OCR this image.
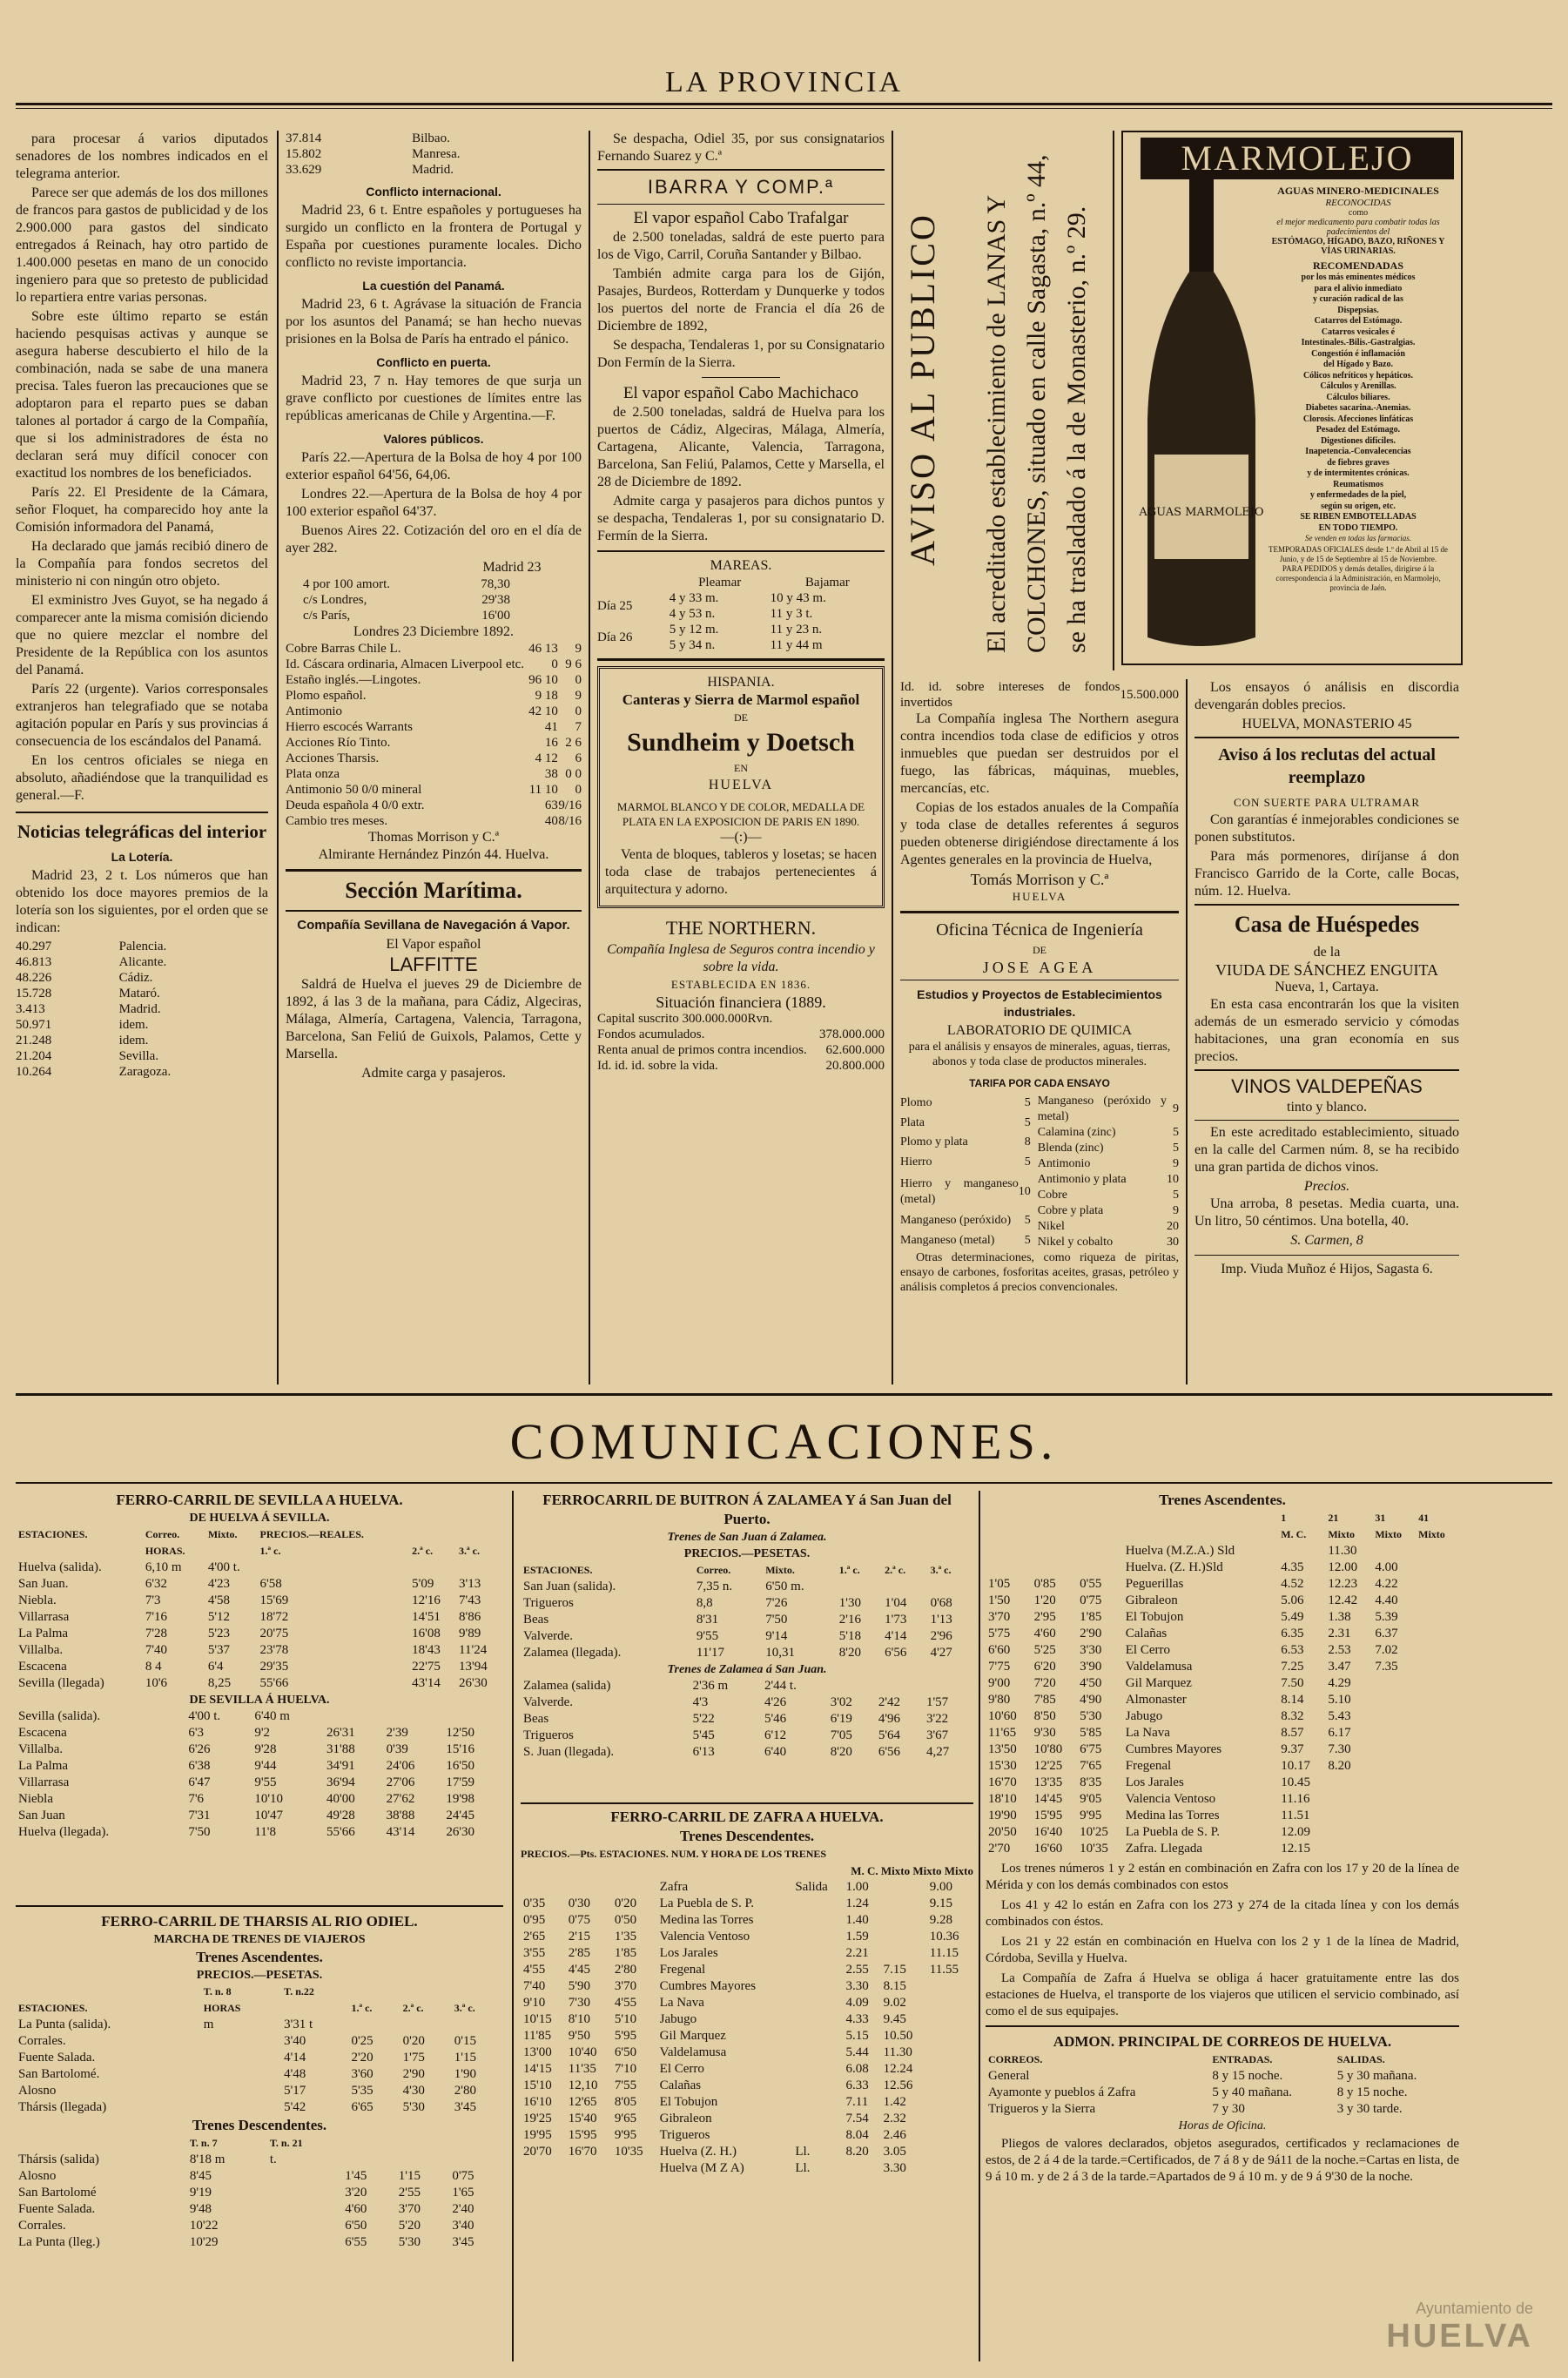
LA PROVINCIA

para procesar á varios diputados senadores de los nombres indicados en el telegrama anterior.

Parece ser que además de los dos millones de francos para gastos de publicidad y de los 2.900.000 para gastos del sindicato entregados á Reinach, hay otro partido de 1.400.000 pesetas en mano de un conocido ingeniero para que so pretesto de publicidad lo repartiera entre varias personas.

Sobre este último reparto se están haciendo pesquisas activas y aunque se asegura haberse descubierto el hilo de la combinación, nada se sabe de una manera precisa. Tales fueron las precauciones que se adoptaron para el reparto pues se daban talones al portador á cargo de la Compañía, que si los administradores de ésta no declaran será muy difícil conocer con exactitud los nombres de los beneficiados.

París 22. El Presidente de la Cámara, señor Floquet, ha comparecido hoy ante la Comisión informadora del Panamá,

Ha declarado que jamás recibió dinero de la Compañía para fondos secretos del ministerio ni con ningún otro objeto.

El exministro Jves Guyot, se ha negado á comparecer ante la misma comisión diciendo que no quiere mezclar el nombre del Presidente de la República con los asuntos del Panamá.

París 22 (urgente). Varios corresponsales extranjeros han telegrafiado que se notaba agitación popular en París y sus provincias á consecuencia de los escándalos del Panamá.

En los centros oficiales se niega en absoluto, añadiéndose que la tranquilidad es general.—F.

Noticias telegráficas del interior
La Lotería.

Madrid 23, 2 t. Los números que han obtenido los doce mayores premios de la lotería son los siguientes, por el orden que se indican:

40.297	Palencia.
46.813	Alicante.
48.226	Cádiz.
15.728	Mataró.
3.413	Madrid.
50.971	idem.
21.248	idem.
21.204	Sevilla.
10.264	Zaragoza.
37.814	Bilbao.
15.802	Manresa.
33.629	Madrid.
Conflicto internacional.

Madrid 23, 6 t. Entre españoles y portugueses ha surgido un conflicto en la frontera de Portugal y España por cuestiones puramente locales. Dicho conflicto no reviste importancia.

La cuestión del Panamá.

Madrid 23, 6 t. Agrávase la situación de Francia por los asuntos del Panamá; se han hecho nuevas prisiones en la Bolsa de París ha entrado el pánico.

Conflicto en puerta.

Madrid 23, 7 n. Hay temores de que surja un grave conflicto por cuestiones de límites entre las repúblicas americanas de Chile y Argentina.—F.

Valores públicos.

París 22.—Apertura de la Bolsa de hoy 4 por 100 exterior español 64'56, 64,06.

Londres 22.—Apertura de la Bolsa de hoy 4 por 100 exterior español 64'37.

Buenos Aires 22. Cotización del oro en el día de ayer 282.

Madrid 23
4 por 100 amort.	78,30
c/s Londres,	29'38
c/s París,	16'00
Londres 23 Diciembre 1892.
Cobre Barras Chile L.	46 13	9
Id. Cáscara ordinaria, Almacen Liverpool etc.	0	9 6
Estaño inglés.—Lingotes.	96 10	0
Plomo español.	9 18	9
Antimonio	42 10	0
Hierro escocés Warrants	41	7
Acciones Río Tinto.	16	2 6
Acciones Tharsis.	4 12	6
Plata onza	38	0 0
Antimonio 50 0/0 mineral	11 10	0
Deuda española 4 0/0 extr.	63	9/16
Cambio tres meses.	40	8/16
Thomas Morrison y C.ª
Almirante Hernández Pinzón 44. Huelva.
Sección Marítima.
Compañía Sevillana de Navegación á Vapor.
El Vapor español
LAFFITTE

Saldrá de Huelva el jueves 29 de Diciembre de 1892, á las 3 de la mañana, para Cádiz, Algeciras, Málaga, Almería, Cartagena, Valencia, Tarragona, Barcelona, San Feliú de Guixols, Palamos, Cette y Marsella.

Admite carga y pasajeros.

Se despacha, Odiel 35, por sus consignatarios Fernando Suarez y C.ª

IBARRA Y COMP.ª
El vapor español Cabo Trafalgar

de 2.500 toneladas, saldrá de este puerto para los de Vigo, Carril, Coruña Santander y Bilbao.

También admite carga para los de Gijón, Pasajes, Burdeos, Rotterdam y Dunquerke y todos los puertos del norte de Francia el día 26 de Diciembre de 1892,

Se despacha, Tendaleras 1, por su Consignatario Don Fermín de la Sierra.

El vapor español Cabo Machichaco

de 2.500 toneladas, saldrá de Huelva para los puertos de Cádiz, Algeciras, Málaga, Almería, Cartagena, Alicante, Valencia, Tarragona, Barcelona, San Feliú, Palamos, Cette y Marsella, el 28 de Diciembre de 1892.

Admite carga y pasajeros para dichos puntos y se despacha, Tendaleras 1, por su consignatario D. Fermín de la Sierra.

MAREAS.
	Pleamar	Bajamar
Día 25	4 y 33 m.	10 y 43 m.
	4 y 53 n.	11 y 3 t.
Día 26	5 y 12 m.	11 y 23 n.
	5 y 34 n.	11 y 44 m
HISPANIA.
Canteras y Sierra de Marmol español
DE
Sundheim y Doetsch
EN
HUELVA
MARMOL BLANCO Y DE COLOR, MEDALLA DE PLATA EN LA EXPOSICION DE PARIS EN 1890.
—(:)—

Venta de bloques, tableros y losetas; se hacen toda clase de trabajos pertenecientes á arquitectura y adorno.

THE NORTHERN.
Compañía Inglesa de Seguros contra incendio y sobre la vida.
ESTABLECIDA EN 1836.
Situación financiera (1889.
Capital suscrito 300.000.000Rvn.	
Fondos acumulados.	378.000.000
Renta anual de primos contra incendios.	62.600.000
Id. id. id. sobre la vida.	20.800.000
AVISO AL PUBLICO El acreditado establecimiento de LANAS Y COLCHONES, situado en calle Sagasta, n.º 44, se ha trasladado á la de Monasterio, n.º 29.	AGUAS MARMOLEJO
MARMOLEJO
AGUAS MINERO-MEDICINALES
RECONOCIDAS
como
el mejor medicamento para combatir todas las padecimientos del
ESTÓMAGO, HÍGADO, BAZO, RIÑONES Y VÍAS URINARIAS.
RECOMENDADAS
por los más eminentes médicos
para el alivio inmediato
y curación radical de las
Dispepsias.
Catarros del Estómago.
Catarros vesicales é
Intestinales.-Bilis.-Gastralgias.
Congestión é inflamación
del Hígado y Bazo.
Cólicos nefríticos y hepáticos.
Cálculos y Arenillas.
Cálculos biliares.
Diabetes sacarina.-Anemias.
Clorosis. Afecciones linfáticas
Pesadez del Estómago.
Digestiones difíciles.
Inapetencia.-Convalecencias
de fiebres graves
y de intermitentes crónicas.
Reumatismos
y enfermedades de la piel,
según su origen, etc.
SE RIBEN EMBOTELLADAS
EN TODO TIEMPO.
Se venden en todas las farmacias.
TEMPORADAS OFICIALES desde 1.º de Abril al 15 de Junio, y de 15 de Septiembre al 15 de Noviembre.
PARA PEDIDOS y demás detalles, dirigirse á la correspondencia á la Administración, en Marmolejo, provincia de Jaén.
Id. id. sobre intereses de fondos invertidos	15.500.000

La Compañía inglesa The Northern asegura contra incendios toda clase de edificios y otros inmuebles que puedan ser destruidos por el fuego, las fábricas, máquinas, muebles, mercancías, etc.

Copias de los estados anuales de la Compañía y toda clase de detalles referentes á seguros pueden obtenerse dirigiéndose directamente á los Agentes generales en la provincia de Huelva,

Tomás Morrison y C.ª
HUELVA
Oficina Técnica de Ingeniería
DE
JOSE AGEA
Estudios y Proyectos de Establecimientos industriales.
LABORATORIO DE QUIMICA
para el análisis y ensayos de minerales, aguas, tierras, abonos y toda clase de productos minerales.
TARIFA POR CADA ENSAYO
Plomo	5
Plata	5
Plomo y plata	8
Hierro	5
Hierro y manganeso (metal)	10
Manganeso (peróxido)	5
Manganeso (metal)	5
Manganeso (peróxido y metal)	9
Calamina (zinc)	5
Blenda (zinc)	5
Antimonio	9
Antimonio y plata	10
Cobre	5
Cobre y plata	9
Nikel	20
Nikel y cobalto	30

Otras determinaciones, como riqueza de piritas, ensayo de carbones, fosforitas aceites, grasas, petróleo y análisis completos á precios convencionales.

Los ensayos ó análisis en discordia devengarán dobles precios.

HUELVA, MONASTERIO 45
Aviso á los reclutas del actual reemplazo
CON SUERTE PARA ULTRAMAR

Con garantías é inmejorables condiciones se ponen substitutos.

Para más pormenores, diríjanse á don Francisco Garrido de la Corte, calle Bocas, núm. 12. Huelva.

Casa de Huéspedes
de la
VIUDA DE SÁNCHEZ ENGUITA
Nueva, 1, Cartaya.

En esta casa encontrarán los que la visiten además de un esmerado servicio y cómodas habitaciones, una gran economía en sus precios.

VINOS VALDEPEÑAS
tinto y blanco.

En este acreditado establecimiento, situado en la calle del Carmen núm. 8, se ha recibido una gran partida de dichos vinos.

Precios.

Una arroba, 8 pesetas. Media cuarta, una. Un litro, 50 céntimos. Una botella, 40.

S. Carmen, 8
Imp. Viuda Muñoz é Hijos, Sagasta 6.
COMUNICACIONES.
FERRO-CARRIL DE SEVILLA A HUELVA.
DE HUELVA Á SEVILLA.
ESTACIONES.	Correo.	Mixto.	PRECIOS.—REALES.		
	HORAS.		1.ª c.	2.ª c.	3.ª c.
Huelva (salida).	6,10 m	4'00 t.			
San Juan.	6'32	4'23	6'58	5'09	3'13
Niebla.	7'3	4'58	15'69	12'16	7'43
Villarrasa	7'16	5'12	18'72	14'51	8'86
La Palma	7'28	5'23	20'75	16'08	9'89
Villalba.	7'40	5'37	23'78	18'43	11'24
Escacena	8 4	6'4	29'35	22'75	13'94
Sevilla (llegada)	10'6	8,25	55'66	43'14	26'30
DE SEVILLA Á HUELVA.
Sevilla (salida).	4'00 t.	6'40 m			
Escacena	6'3	9'2	26'31	2'39	12'50
Villalba.	6'26	9'28	31'88	0'39	15'16
La Palma	6'38	9'44	34'91	24'06	16'50
Villarrasa	6'47	9'55	36'94	27'06	17'59
Niebla	7'6	10'10	40'00	27'62	19'98
San Juan	7'31	10'47	49'28	38'88	24'45
Huelva (llegada).	7'50	11'8	55'66	43'14	26'30
FERRO-CARRIL DE THARSIS AL RIO ODIEL.
MARCHA DE TRENES DE VIAJEROS
Trenes Ascendentes.
PRECIOS.—PESETAS.
	T. n. 8	T. n.22			
ESTACIONES.	HORAS		1.ª c.	2.ª c.	3.ª c.
La Punta (salida).	m	3'31 t			
Corrales.		3'40	0'25	0'20	0'15
Fuente Salada.		4'14	2'20	1'75	1'15
San Bartolomé.		4'48	3'60	2'90	1'90
Alosno		5'17	5'35	4'30	2'80
Thársis (llegada)		5'42	6'65	5'30	3'45
Trenes Descendentes.
	T. n. 7	T. n. 21			
Thársis (salida)	8'18 m	t.			
Alosno	8'45		1'45	1'15	0'75
San Bartolomé	9'19		3'20	2'55	1'65
Fuente Salada.	9'48		4'60	3'70	2'40
Corrales.	10'22		6'50	5'20	3'40
La Punta (lleg.)	10'29		6'55	5'30	3'45
FERROCARRIL DE BUITRON Á ZALAMEA Y á San Juan del Puerto.
Trenes de San Juan á Zalamea.
PRECIOS.—PESETAS.
ESTACIONES.	Correo.	Mixto.	1.ª c.	2.ª c.	3.ª c.
San Juan (salida).	7,35 n.	6'50 m.			
Trigueros	8,8	7'26	1'30	1'04	0'68
Beas	8'31	7'50	2'16	1'73	1'13
Valverde.	9'55	9'14	5'18	4'14	2'96
Zalamea (llegada).	11'17	10,31	8'20	6'56	4'27
Trenes de Zalamea á San Juan.
Zalamea (salida)	2'36 m	2'44 t.			
Valverde.	4'3	4'26	3'02	2'42	1'57
Beas	5'22	5'46	6'19	4'96	3'22
Trigueros	5'45	6'12	7'05	5'64	3'67
S. Juan (llegada).	6'13	6'40	8'20	6'56	4,27
FERRO-CARRIL DE ZAFRA A HUELVA.
Trenes Descendentes.
PRECIOS.—Pts. ESTACIONES. NUM. Y HORA DE LOS TRENES
M. C. Mixto Mixto Mixto
			Zafra	Salida	1.00		9.00
0'35	0'30	0'20	La Puebla de S. P.		1.24		9.15
0'95	0'75	0'50	Medina las Torres		1.40		9.28
2'65	2'15	1'35	Valencia Ventoso		1.59		10.36
3'55	2'85	1'85	Los Jarales		2.21		11.15
4'55	4'45	2'80	Fregenal		2.55	7.15	11.55
7'40	5'90	3'70	Cumbres Mayores		3.30	8.15	
9'10	7'30	4'55	La Nava		4.09	9.02	
10'15	8'10	5'10	Jabugo		4.33	9.45	
11'85	9'50	5'95	Gil Marquez		5.15	10.50	
13'00	10'40	6'50	Valdelamusa		5.44	11.30	
14'15	11'35	7'10	El Cerro		6.08	12.24	
15'10	12,10	7'55	Calañas		6.33	12.56	
16'10	12'65	8'05	El Tobujon		7.11	1.42	
19'25	15'40	9'65	Gibraleon		7.54	2.32	
19'95	15'95	9'95	Trigueros		8.04	2.46	
20'70	16'70	10'35	Huelva (Z. H.)	Ll.	8.20	3.05	
			Huelva (M Z A)	Ll.		3.30	
Trenes Ascendentes.
				1	21	31	41
				M. C.	Mixto	Mixto	Mixto
			Huelva (M.Z.A.) Sld		11.30		
			Huelva. (Z. H.)Sld	4.35	12.00	4.00	
1'05	0'85	0'55	Peguerillas	4.52	12.23	4.22	
1'50	1'20	0'75	Gibraleon	5.06	12.42	4.40	
3'70	2'95	1'85	El Tobujon	5.49	1.38	5.39	
5'75	4'60	2'90	Calañas	6.35	2.31	6.37	
6'60	5'25	3'30	El Cerro	6.53	2.53	7.02	
7'75	6'20	3'90	Valdelamusa	7.25	3.47	7.35	
9'00	7'20	4'50	Gil Marquez	7.50	4.29		
9'80	7'85	4'90	Almonaster	8.14	5.10		
10'60	8'50	5'30	Jabugo	8.32	5.43		
11'65	9'30	5'85	La Nava	8.57	6.17		
13'50	10'80	6'75	Cumbres Mayores	9.37	7.30		
15'30	12'25	7'65	Fregenal	10.17	8.20		
16'70	13'35	8'35	Los Jarales	10.45			
18'10	14'45	9'05	Valencia Ventoso	11.16			
19'90	15'95	9'95	Medina las Torres	11.51			
20'50	16'40	10'25	La Puebla de S. P.	12.09			
2'70	16'60	10'35	Zafra. Llegada	12.15			

Los trenes números 1 y 2 están en combinación en Zafra con los 17 y 20 de la línea de Mérida y con los demás combinados con estos

Los 41 y 42 lo están en Zafra con los 273 y 274 de la citada línea y con los demás combinados con éstos.

Los 21 y 22 están en combinación en Huelva con los 2 y 1 de la línea de Madrid, Córdoba, Sevilla y Huelva.

La Compañía de Zafra á Huelva se obliga á hacer gratuitamente entre las dos estaciones de Huelva, el transporte de los viajeros que utilicen el servicio combinado, así como el de sus equipajes.

ADMON. PRINCIPAL DE CORREOS DE HUELVA.
CORREOS.	ENTRADAS.	SALIDAS.
General	8 y 15 noche.	5 y 30 mañana.
Ayamonte y pueblos á Zafra	5 y 40 mañana.	8 y 15 noche.
Trigueros y la Sierra	7 y 30	3 y 30 tarde.
Horas de Oficina.

Pliegos de valores declarados, objetos asegurados, certificados y reclamaciones de estos, de 2 á 4 de la tarde.=Certificados, de 7 á 8 y de 9á11 de la noche.=Cartas en lista, de 9 á 10 m. y de 2 á 3 de la tarde.=Apartados de 9 á 10 m. y de 9 á 9'30 de la noche.

Ayuntamiento de
HUELVA
